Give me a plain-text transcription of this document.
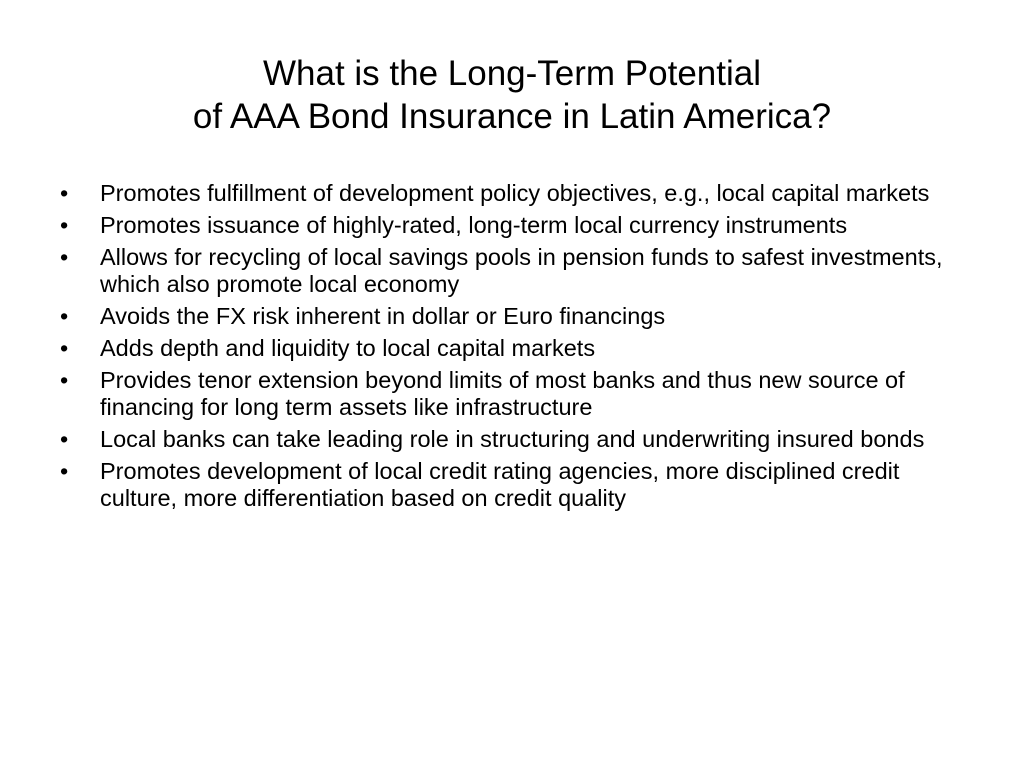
What is the Long-Term Potential
of AAA Bond Insurance in Latin America?
• Promotes fulfillment of development policy objectives, e.g., local capital markets
• Promotes issuance of highly-rated, long-term local currency instruments
• Allows for recycling of local savings pools in pension funds to safest investments, which also promote local economy
• Avoids the FX risk inherent in dollar or Euro financings
• Adds depth and liquidity to local capital markets
• Provides tenor extension beyond limits of most banks and thus new source of financing for long term assets like infrastructure
• Local banks can take leading role in structuring and underwriting insured bonds
• Promotes development of local credit rating agencies, more disciplined credit culture, more differentiation based on credit quality
